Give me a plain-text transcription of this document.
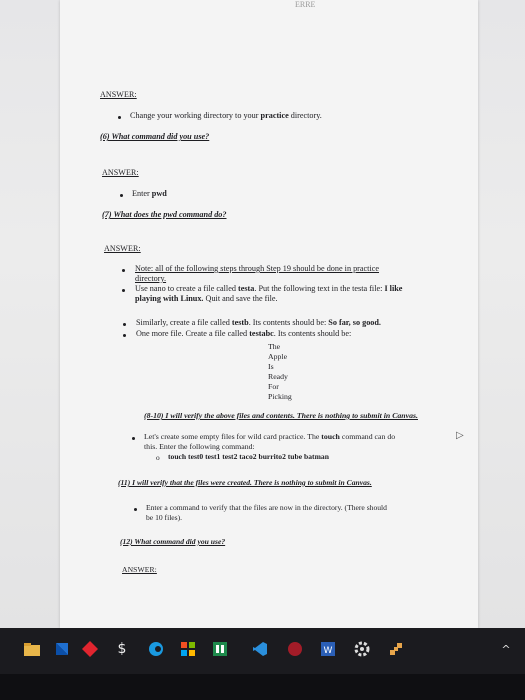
ERRE
ANSWER:
Change your working directory to your practice directory.
(6) What command did you use?
ANSWER:
Enter pwd
(7) What does the pwd command do?
ANSWER:
Note: all of the following steps through Step 19 should be done in practice
directory.
Use nano to create a file called testa. Put the following text in the testa file: I like
playing with Linux. Quit and save the file.
Similarly, create a file called testb. Its contents should be: So far, so good.
One more file. Create a file called testabc. Its contents should be:
The
Apple
Is
Ready
For
Picking
(8-10) I will verify the above files and contents. There is nothing to submit in Canvas.
Let's create some empty files for wild card practice. The touch command can do
this. Enter the following command:
o touch test0 test1 test2 taco2 burrito2 tube batman
(11) I will verify that the files were created. There is nothing to submit in Canvas.
Enter a command to verify that the files are now in the directory. (There should
be 10 files).
(12) What command did you use?
ANSWER:
▷
$	W	^
